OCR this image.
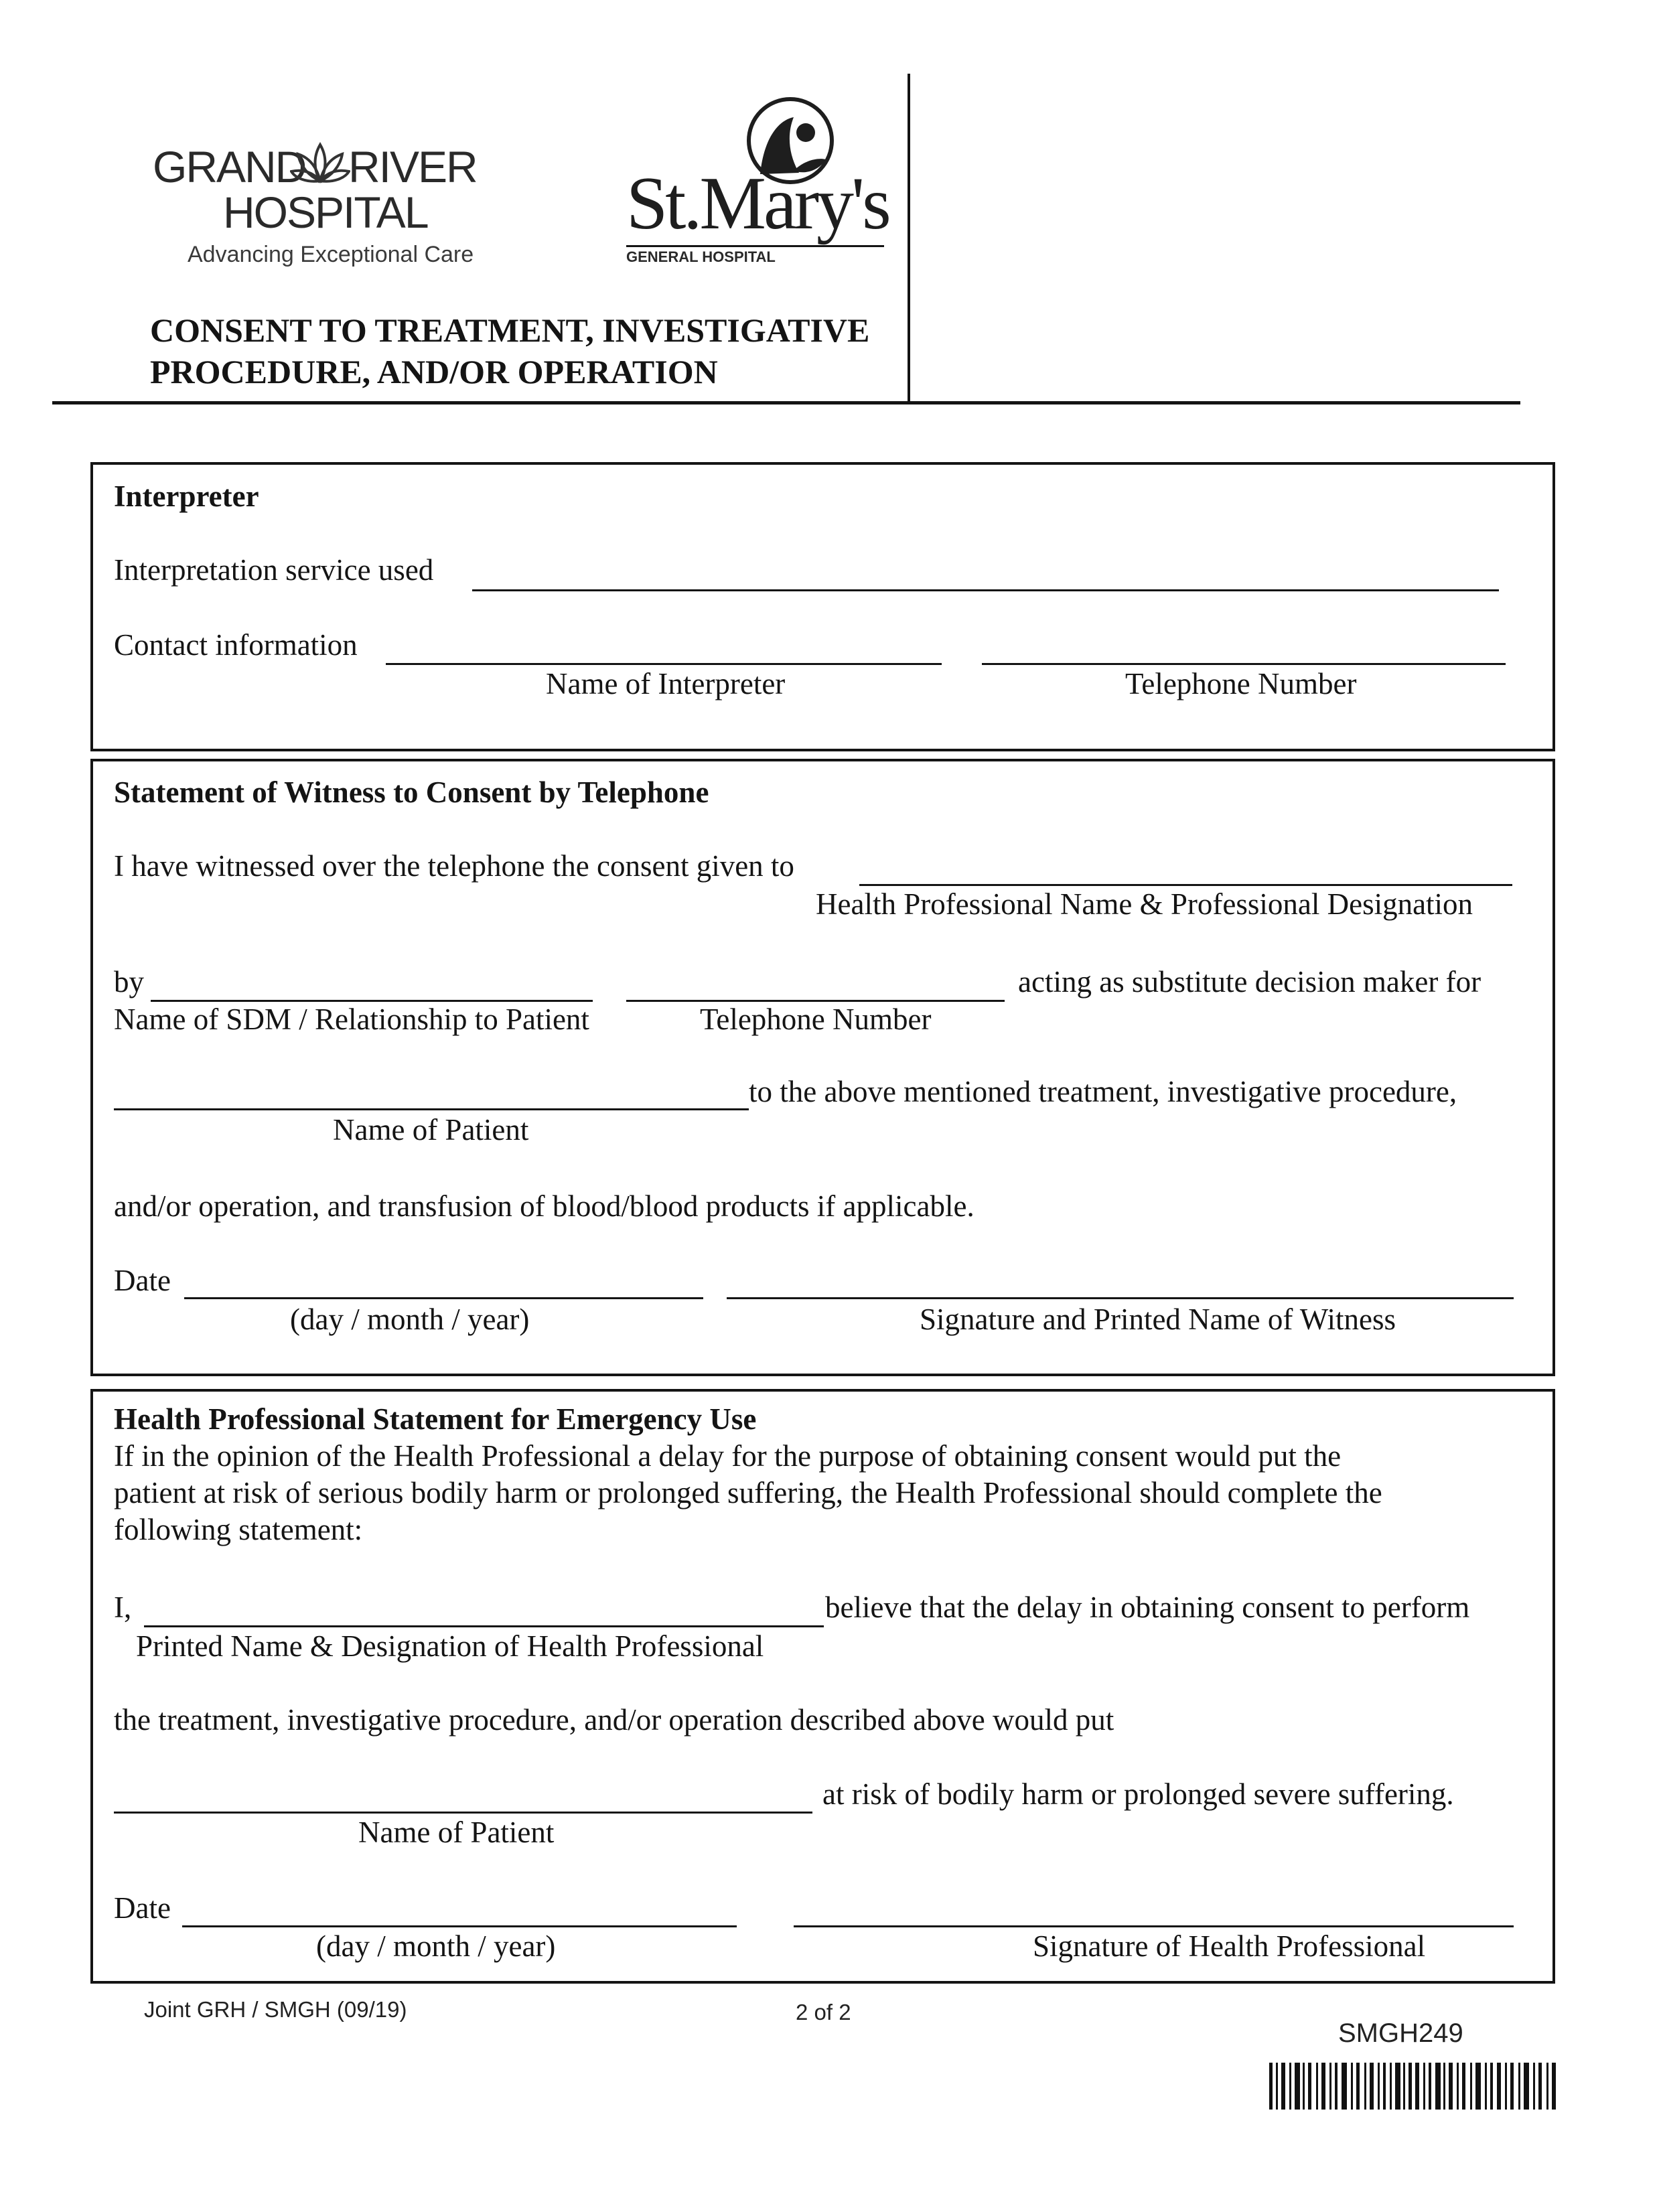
GRAND RIVER
HOSPITAL
Advancing Exceptional Care
St.Mary's
GENERAL HOSPITAL
CONSENT TO TREATMENT, INVESTIGATIVE
PROCEDURE, AND/OR OPERATION
Interpreter
Interpretation service used
Contact information
Name of Interpreter	Telephone Number
Statement of Witness to Consent by Telephone
I have witnessed over the telephone the consent given to
Health Professional Name & Professional Designation
by	acting as substitute decision maker for
Name of SDM / Relationship to Patient	Telephone Number
to the above mentioned treatment, investigative procedure,
Name of Patient
and/or operation, and transfusion of blood/blood products if applicable.
Date
(day / month / year)	Signature and Printed Name of Witness
Health Professional Statement for Emergency Use
If in the opinion of the Health Professional a delay for the purpose of obtaining consent would put the
patient at risk of serious bodily harm or prolonged suffering, the Health Professional should complete the
following statement:
I,	believe that the delay in obtaining consent to perform
Printed Name & Designation of Health Professional
the treatment, investigative procedure, and/or operation described above would put
at risk of bodily harm or prolonged severe suffering.
Name of Patient
Date
(day / month / year)	Signature of Health Professional
Joint GRH / SMGH (09/19)	2 of 2
SMGH249
